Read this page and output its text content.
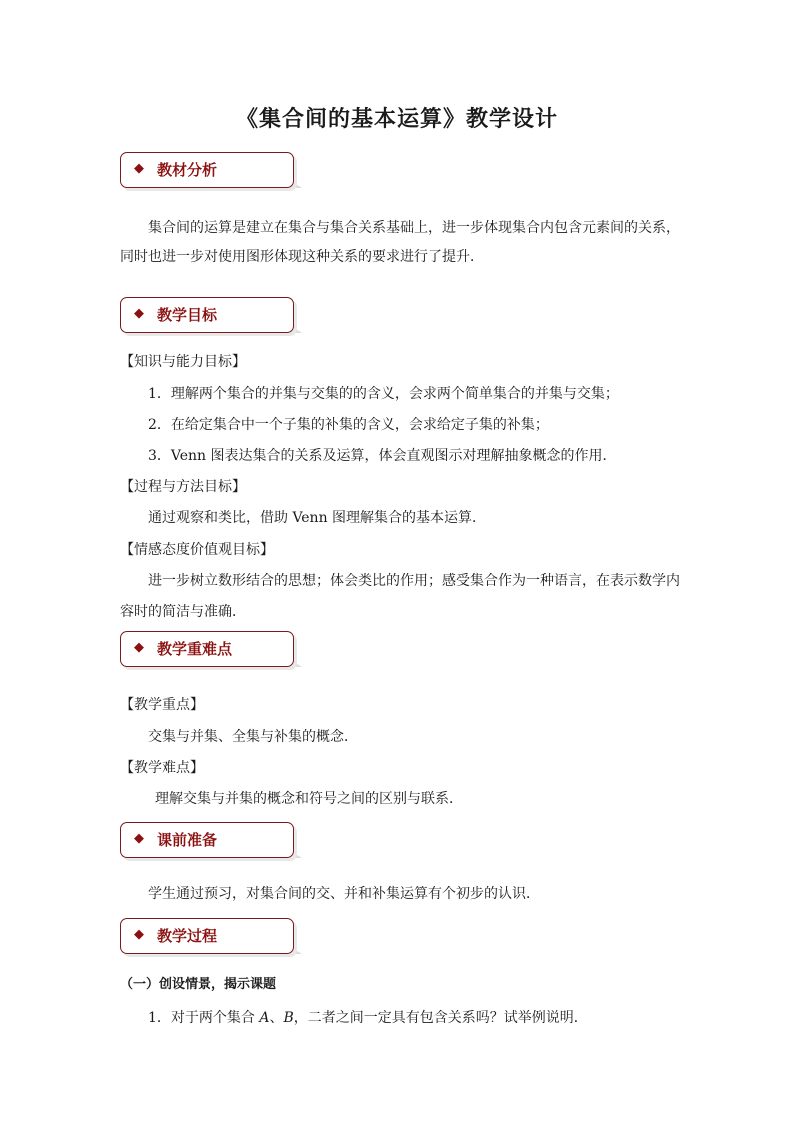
《集合间的基本运算》教学设计
◆ 教材分析
集合间的运算是建立在集合与集合关系基础上，进一步体现集合内包含元素间的关系，
同时也进一步对使用图形体现这种关系的要求进行了提升．
◆ 教学目标
【知识与能力目标】
1．理解两个集合的并集与交集的的含义，会求两个简单集合的并集与交集；
2．在给定集合中一个子集的补集的含义，会求给定子集的补集；
3．Venn 图表达集合的关系及运算，体会直观图示对理解抽象概念的作用．
【过程与方法目标】
通过观察和类比，借助 Venn 图理解集合的基本运算．
【情感态度价值观目标】
进一步树立数形结合的思想；体会类比的作用；感受集合作为一种语言，在表示数学内
容时的简洁与准确．
◆ 教学重难点
【教学重点】
交集与并集、全集与补集的概念．
【教学难点】
理解交集与并集的概念和符号之间的区别与联系．
◆ 课前准备
学生通过预习，对集合间的交、并和补集运算有个初步的认识．
◆ 教学过程
（一）创设情景，揭示课题
1．对于两个集合 A、B，二者之间一定具有包含关系吗？试举例说明．
